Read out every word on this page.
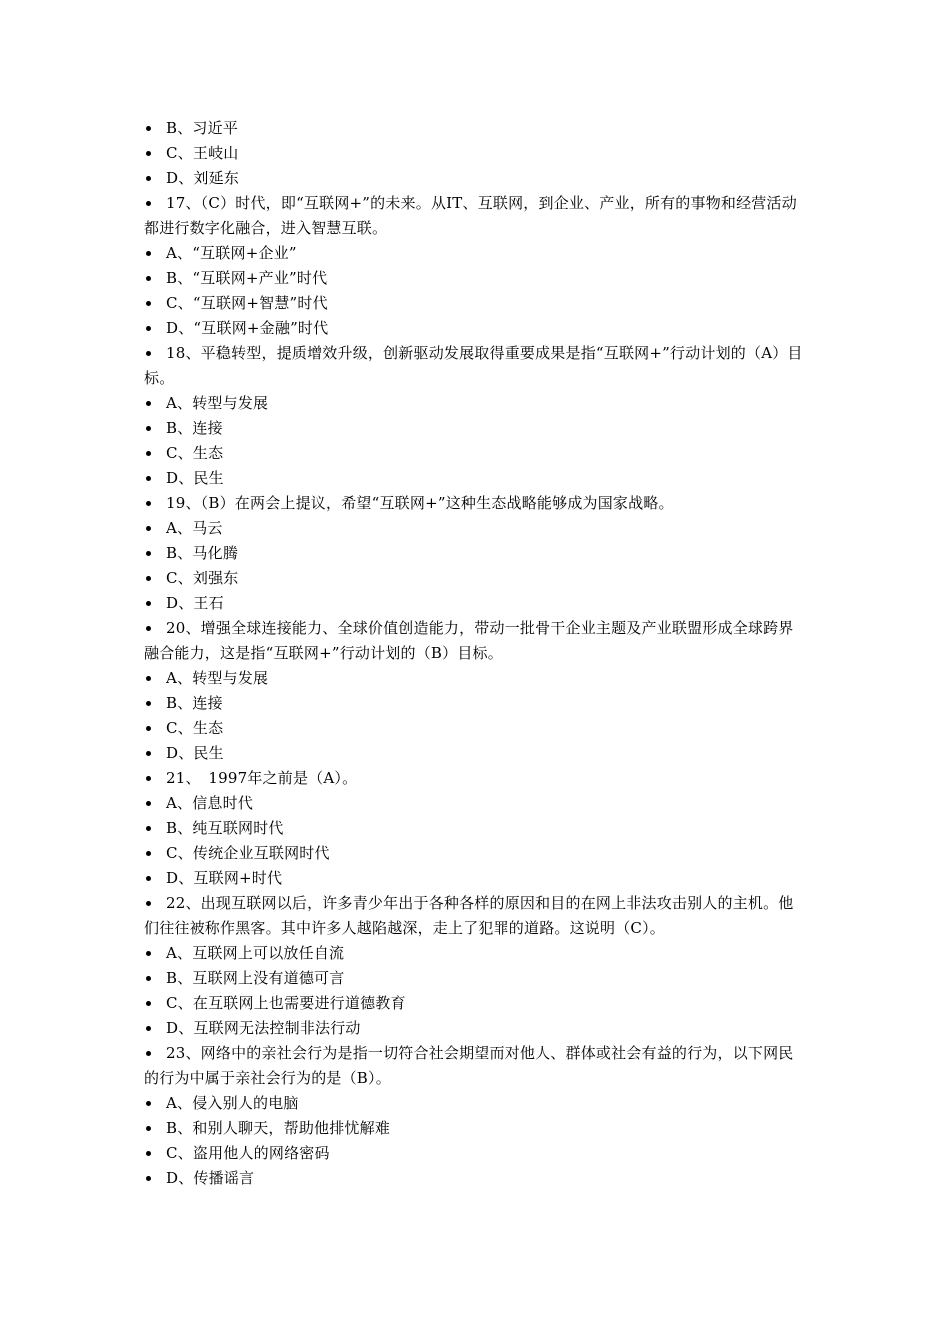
B、习近平
C、王岐山
D、刘延东
17、（C）时代，即“互联网+”的未来。从IT、互联网，到企业、产业，所有的事物和经营活动都进行数字化融合，进入智慧互联。
A、“互联网+企业”
B、“互联网+产业”时代
C、“互联网+智慧”时代
D、“互联网+金融”时代
18、平稳转型，提质增效升级，创新驱动发展取得重要成果是指“互联网+”行动计划的（A）目标。
A、转型与发展
B、连接
C、生态
D、民生
19、（B）在两会上提议，希望“互联网+”这种生态战略能够成为国家战略。
A、马云
B、马化腾
C、刘强东
D、王石
20、增强全球连接能力、全球价值创造能力，带动一批骨干企业主题及产业联盟形成全球跨界融合能力，这是指“互联网+”行动计划的（B）目标。
A、转型与发展
B、连接
C、生态
D、民生
21、　1997年之前是（A）。
A、信息时代
B、纯互联网时代
C、传统企业互联网时代
D、互联网+时代
22、出现互联网以后，许多青少年出于各种各样的原因和目的在网上非法攻击别人的主机。他们往往被称作黑客。其中许多人越陷越深，走上了犯罪的道路。这说明（C）。
A、互联网上可以放任自流
B、互联网上没有道德可言
C、在互联网上也需要进行道德教育
D、互联网无法控制非法行动
23、网络中的亲社会行为是指一切符合社会期望而对他人、群体或社会有益的行为，以下网民的行为中属于亲社会行为的是（B）。
A、侵入别人的电脑
B、和别人聊天，帮助他排忧解难
C、盗用他人的网络密码
D、传播谣言
